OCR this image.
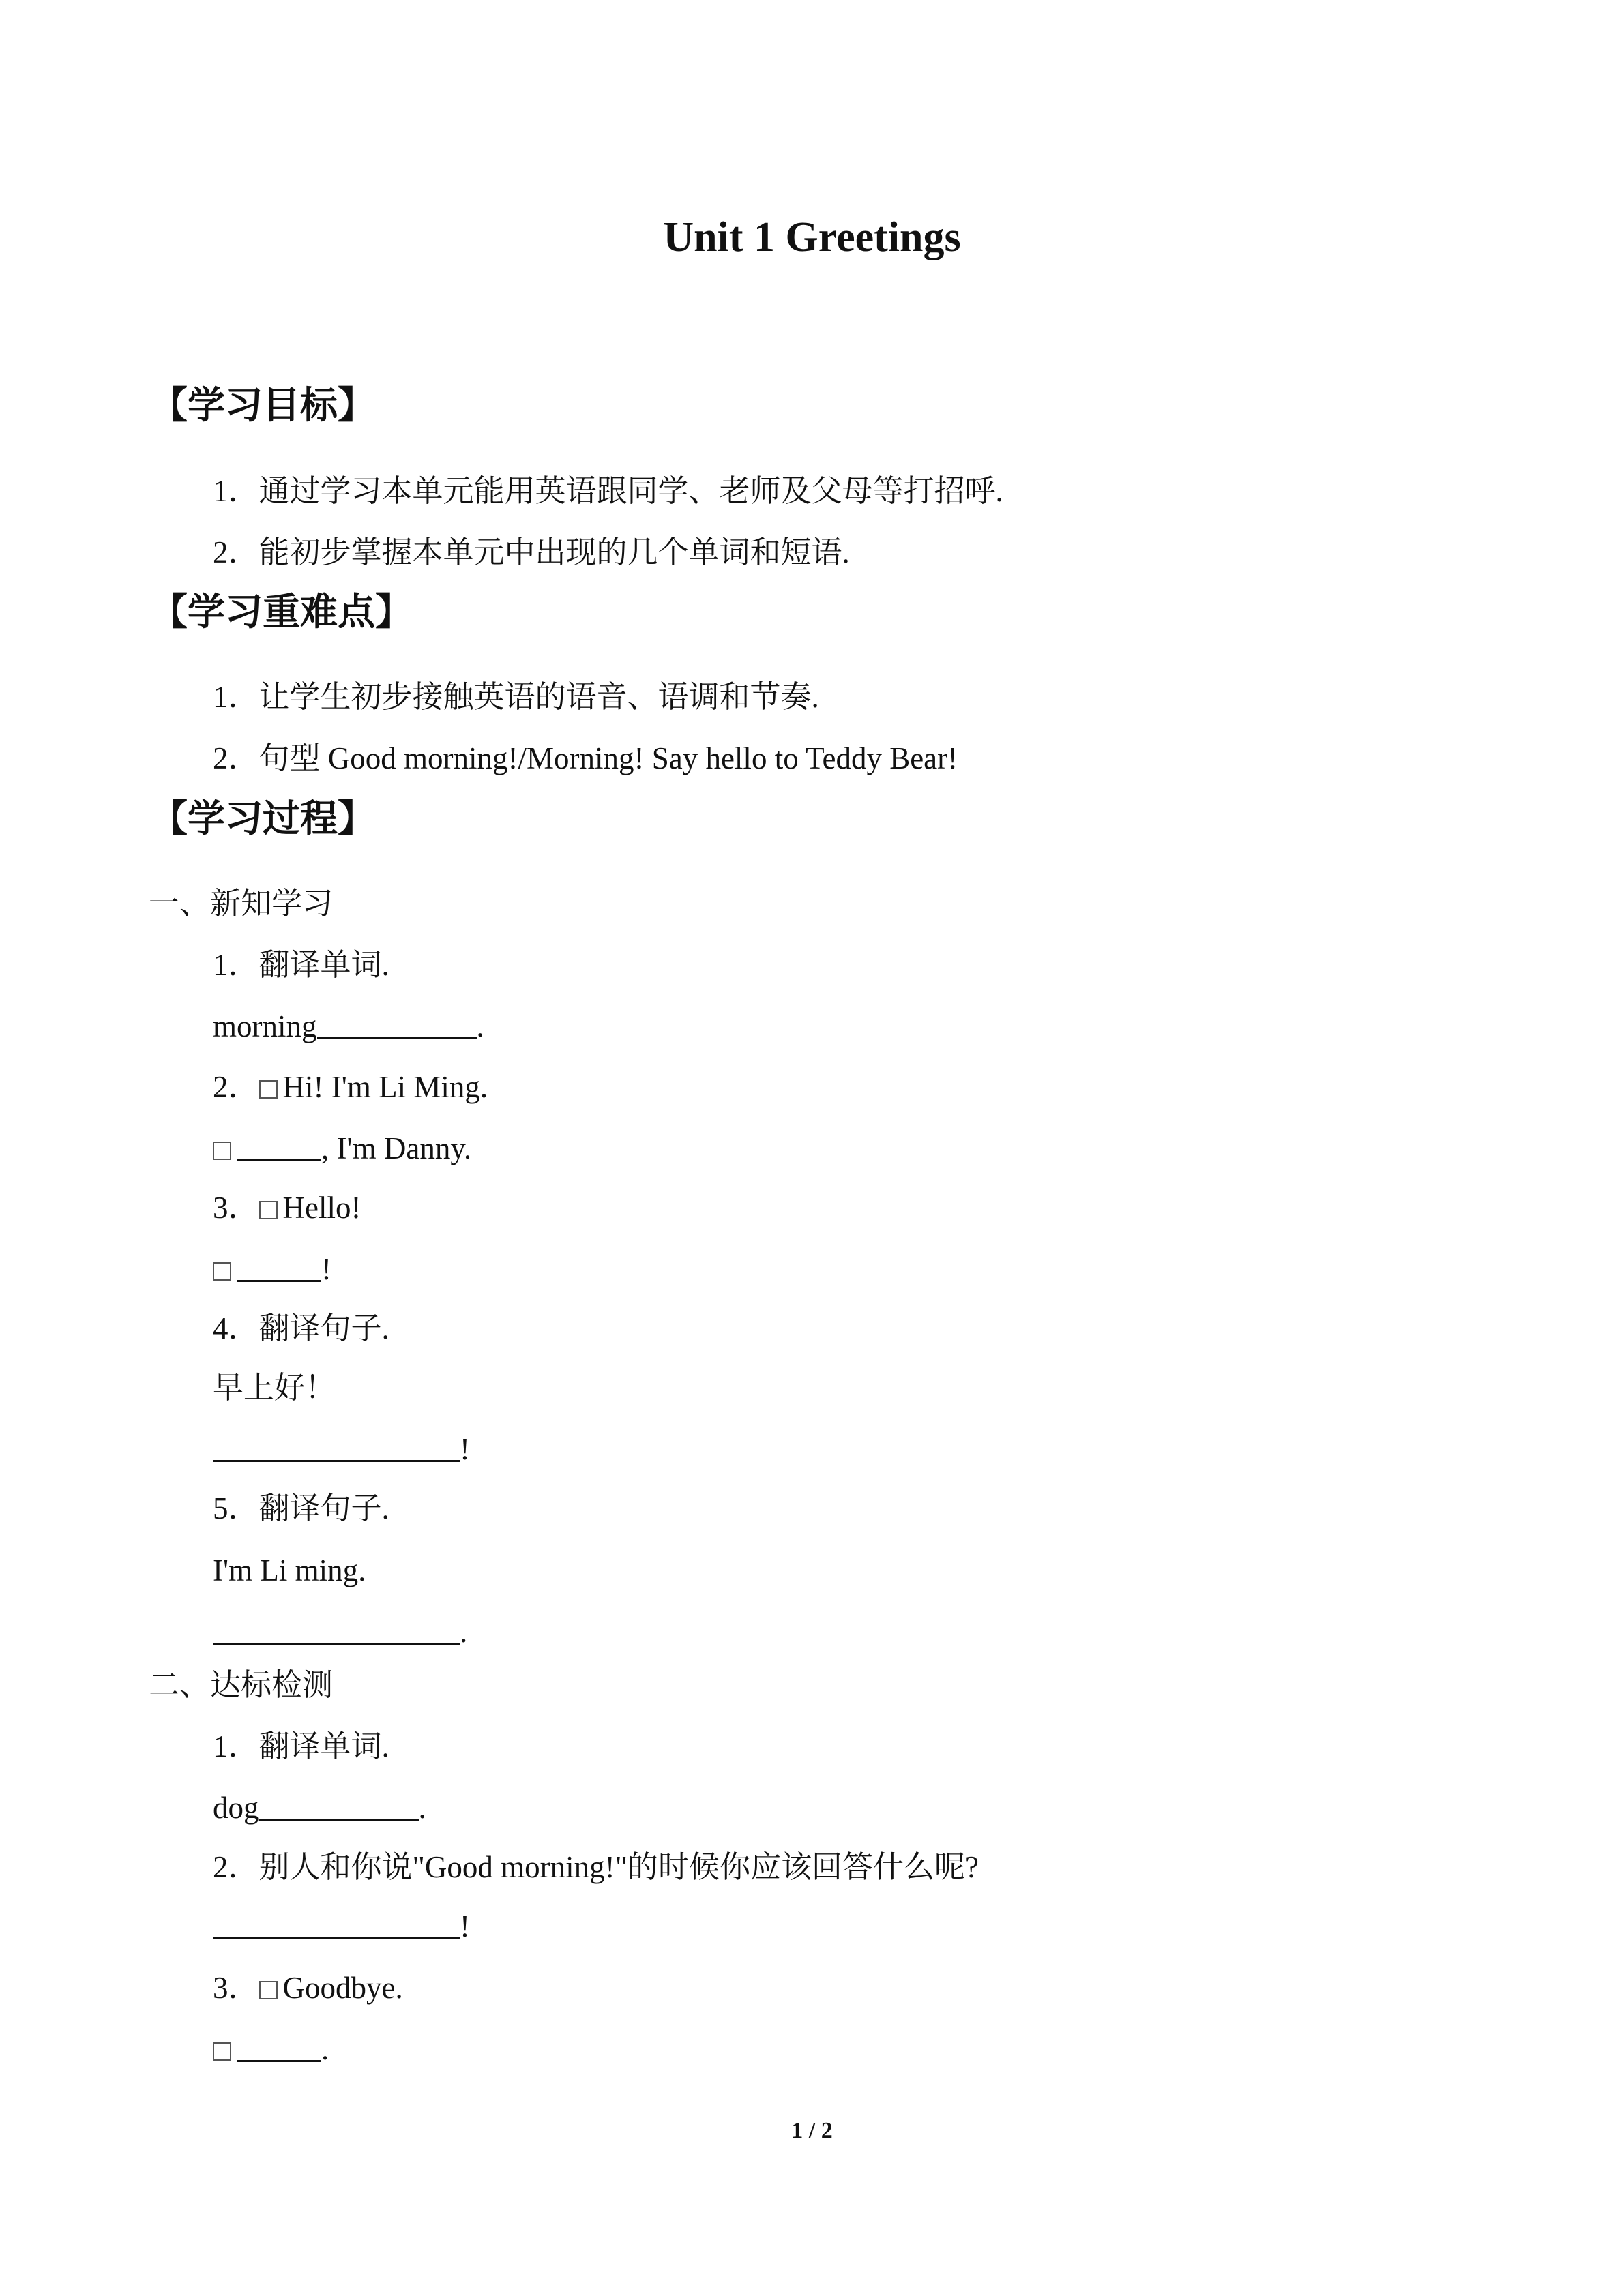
Unit 1 Greetings
【学习目标】
1．通过学习本单元能用英语跟同学、老师及父母等打招呼.
2．能初步掌握本单元中出现的几个单词和短语.
【学习重难点】
1．让学生初步接触英语的语音、语调和节奏.
2．句型 Good morning!/Morning! Say hello to Teddy Bear!
【学习过程】
一、新知学习
1．翻译单词.
morning	.
2． Hi! I'm Li Ming.
, I'm Danny.
3． Hello!
!
4．翻译句子.
早上好！
!
5．翻译句子.
I'm Li ming.
.
二、达标检测
1．翻译单词.
dog	.
2．别人和你说"Good morning!"的时候你应该回答什么呢?
!
3． Goodbye.
.
1 / 2
